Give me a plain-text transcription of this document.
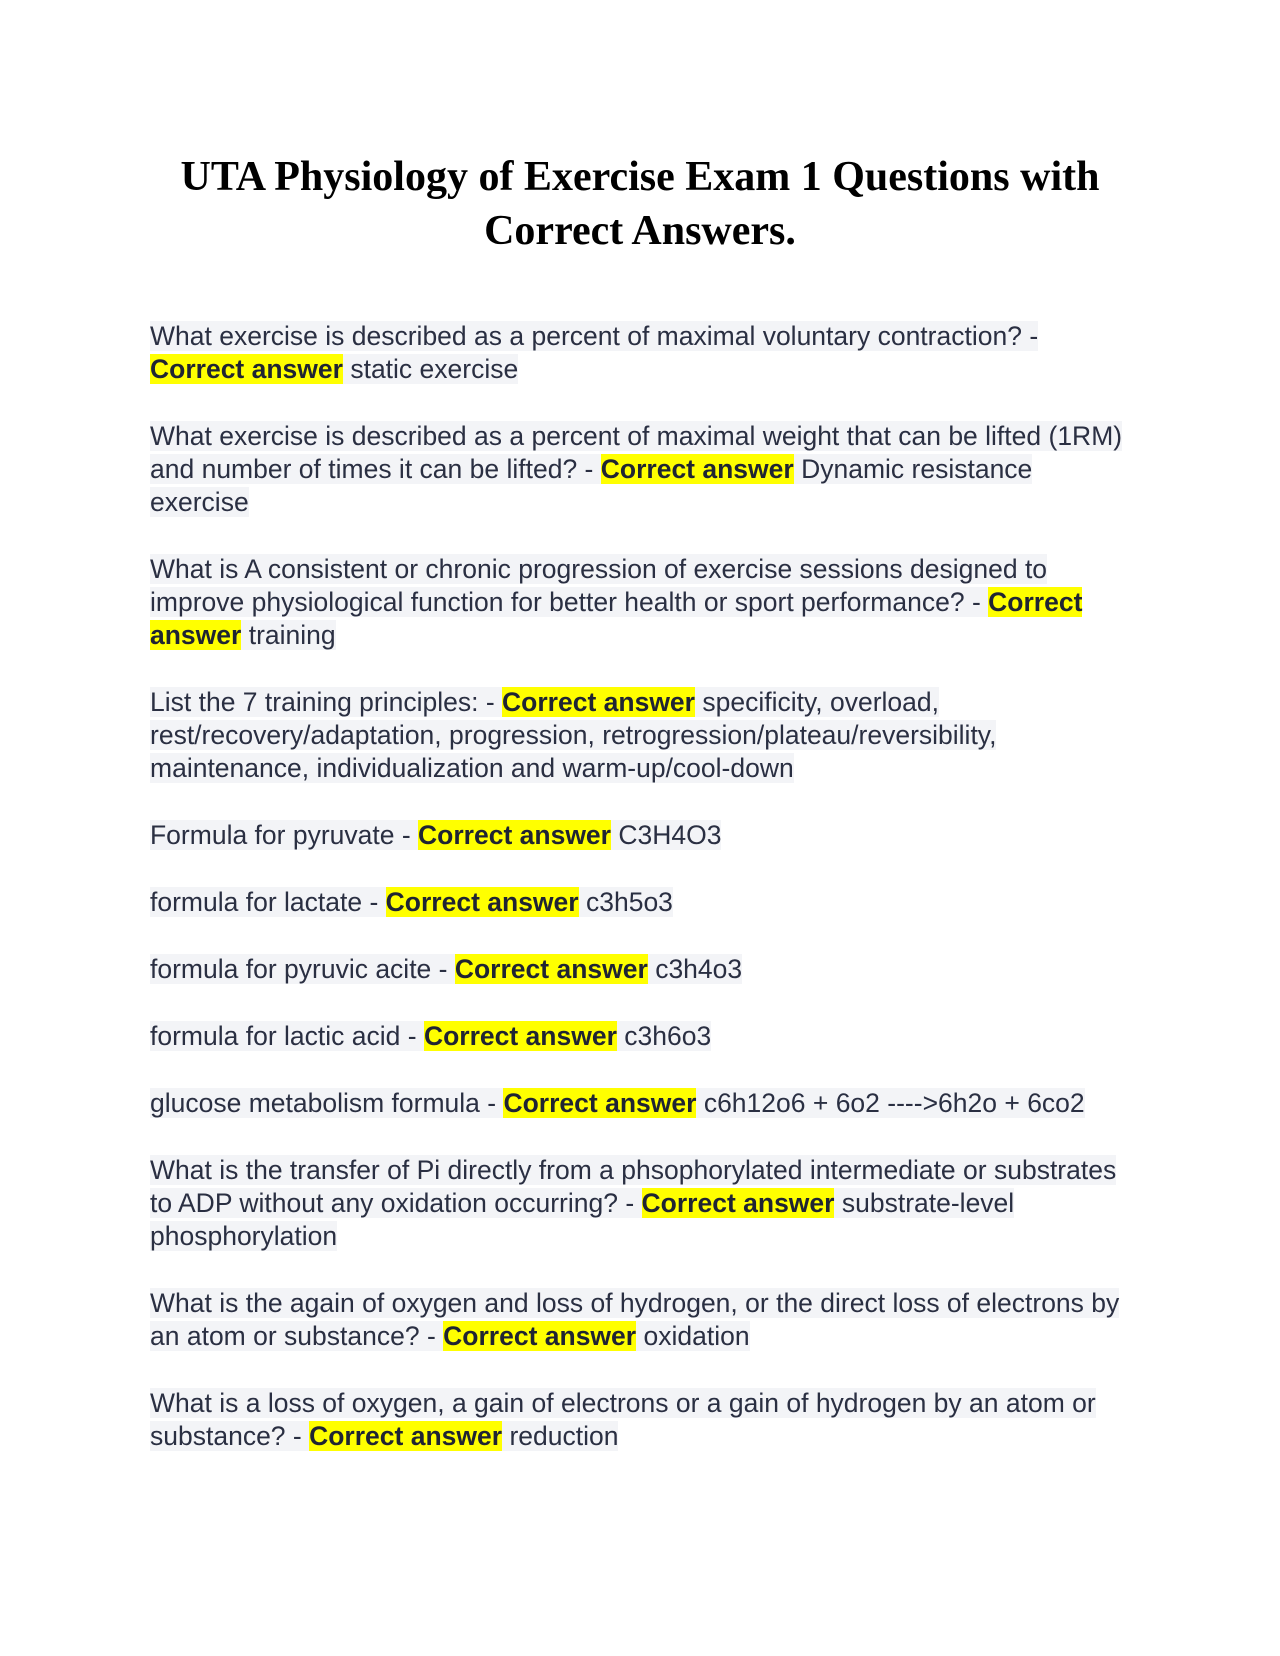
UTA Physiology of Exercise Exam 1 Questions with Correct Answers.

What exercise is described as a percent of maximal voluntary contraction? - Correct answer static exercise

What exercise is described as a percent of maximal weight that can be lifted (1RM) and number of times it can be lifted? - Correct answer Dynamic resistance exercise

What is A consistent or chronic progression of exercise sessions designed to improve physiological function for better health or sport performance? - Correct answer training

List the 7 training principles: - Correct answer specificity, overload, rest/recovery/adaptation, progression, retrogression/plateau/reversibility, maintenance, individualization and warm-up/cool-down

Formula for pyruvate - Correct answer C3H4O3

formula for lactate - Correct answer c3h5o3

formula for pyruvic acite - Correct answer c3h4o3

formula for lactic acid - Correct answer c3h6o3

glucose metabolism formula - Correct answer c6h12o6 + 6o2 ---->6h2o + 6co2

What is the transfer of Pi directly from a phsophorylated intermediate or substrates to ADP without any oxidation occurring? - Correct answer substrate-level phosphorylation

What is the again of oxygen and loss of hydrogen, or the direct loss of electrons by an atom or substance? - Correct answer oxidation

What is a loss of oxygen, a gain of electrons or a gain of hydrogen by an atom or substance? - Correct answer reduction
